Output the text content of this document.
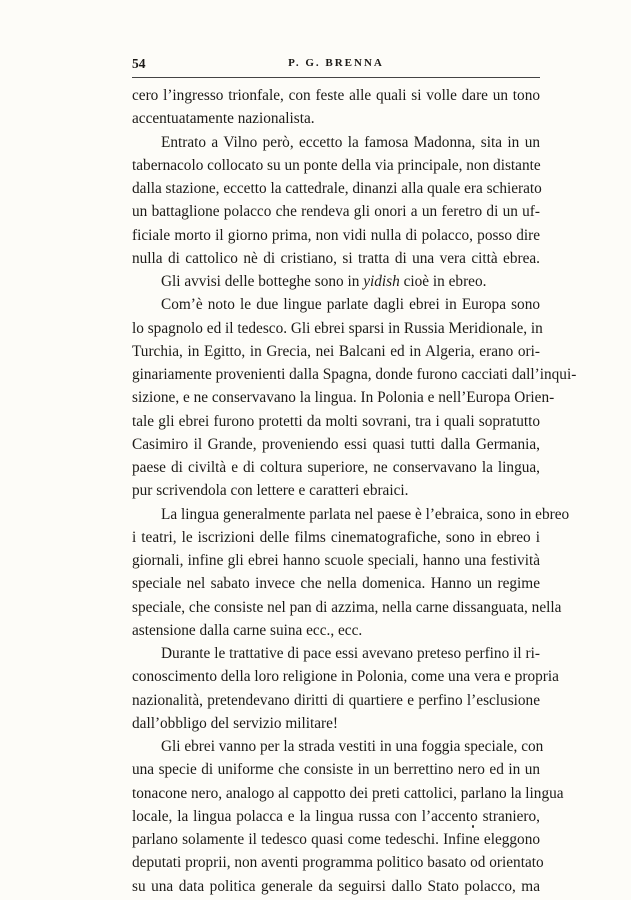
54	P. G. BRENNA
cero l’ingresso trionfale, con feste alle quali si volle dare un tono
accentuatamente nazionalista.
Entrato a Vilno però, eccetto la famosa Madonna, sita in un
tabernacolo collocato su un ponte della via principale, non distante
dalla stazione, eccetto la cattedrale, dinanzi alla quale era schierato
un battaglione polacco che rendeva gli onori a un feretro di un uf-
ficiale morto il giorno prima, non vidi nulla di polacco, posso dire
nulla di cattolico nè di cristiano, si tratta di una vera città ebrea.
Gli avvisi delle botteghe sono in yidish cioè in ebreo.
Com’è noto le due lingue parlate dagli ebrei in Europa sono
lo spagnolo ed il tedesco. Gli ebrei sparsi in Russia Meridionale, in
Turchia, in Egitto, in Grecia, nei Balcani ed in Algeria, erano ori-
ginariamente provenienti dalla Spagna, donde furono cacciati dall’inqui-
sizione, e ne conservavano la lingua. In Polonia e nell’Europa Orien-
tale gli ebrei furono protetti da molti sovrani, tra i quali sopratutto
Casimiro il Grande, proveniendo essi quasi tutti dalla Germania,
paese di civiltà e di coltura superiore, ne conservavano la lingua,
pur scrivendola con lettere e caratteri ebraici.
La lingua generalmente parlata nel paese è l’ebraica, sono in ebreo
i teatri, le iscrizioni delle films cinematografiche, sono in ebreo i
giornali, infine gli ebrei hanno scuole speciali, hanno una festività
speciale nel sabato invece che nella domenica. Hanno un regime
speciale, che consiste nel pan di azzima, nella carne dissanguata, nella
astensione dalla carne suina ecc., ecc.
Durante le trattative di pace essi avevano preteso perfino il ri-
conoscimento della loro religione in Polonia, come una vera e propria
nazionalità, pretendevano diritti di quartiere e perfino l’esclusione
dall’obbligo del servizio militare!
Gli ebrei vanno per la strada vestiti in una foggia speciale, con
una specie di uniforme che consiste in un berrettino nero ed in un
tonacone nero, analogo al cappotto dei preti cattolici, parlano la lingua
locale, la lingua polacca e la lingua russa con l’accento straniero,
parlano solamente il tedesco quasi come tedeschi. Infine eleggono
deputati proprii, non aventi programma politico basato od orientato
su una data politica generale da seguirsi dallo Stato polacco, ma
